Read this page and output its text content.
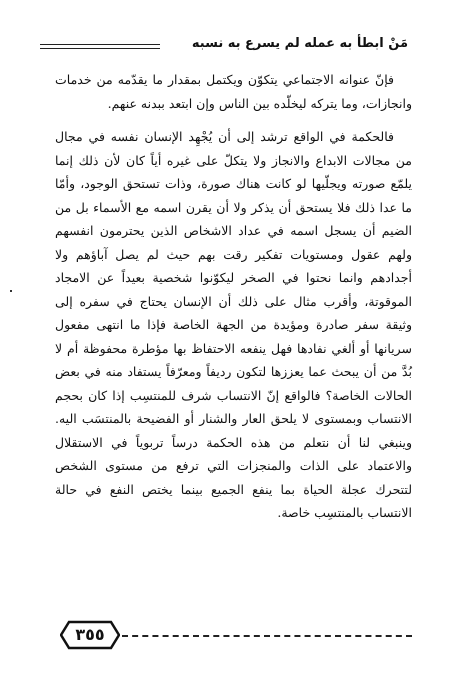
مَنْ ابطأ به عمله لم يسرع به نسبه

فإنّ عنوانه الاجتماعي يتكوّن ويكتمل بمقدار ما يقدّمه من خدمات وانجازات، وما يتركه ليخلّده بين الناس وإن ابتعد ببدنه عنهم.

فالحكمة في الواقع ترشد إلى أن يُجْهِد الإنسان نفسه في مجال من مجالات الابداع والانجاز ولا يتكلّ على غيره أياً كان لأن ذلك إنما يلمّع صورته ويجلّيها لو كانت هناك صورة، وذات تستحق الوجود، وأمّا ما عدا ذلك فلا يستحق أن يذكر ولا أن يقرن اسمه مع الأسماء بل من الضيم أن يسجل اسمه في عداد الاشخاص الذين يحترمون انفسهم ولهم عقول ومستويات تفكير رقت بهم حيث لم يصل آباؤهم ولا أجدادهم وانما نحتوا في الصخر ليكوّنوا شخصية بعيداً عن الامجاد الموقوتة، وأقرب مثال على ذلك أن الإنسان يحتاج في سفره إلى وثيقة سفر صادرة ومؤيدة من الجهة الخاصة فإذا ما انتهى مفعول سريانها أو ألغي نفادها فهل ينفعه الاحتفاظ بها مؤطرة محفوظة أم لا بُدَّ من أن يبحث عما يعززها لتكون رديفاً ومعرّفاً يستفاد منه في بعض الحالات الخاصة؟ فالواقع إنّ الانتساب شرف للمنتسِب إذا كان بحجم الانتساب وبمستوى لا يلحق العار والشنار أو الفضيحة بالمنتسَب اليه. وينبغي لنا أن نتعلم من هذه الحكمة درساً تربوياً في الاستقلال والاعتماد على الذات والمنجزات التي ترفع من مستوى الشخص لتتحرك عجلة الحياة بما ينفع الجميع بينما يختص النفع في حالة الانتساب بالمنتسِب خاصة.

٣٥٥
